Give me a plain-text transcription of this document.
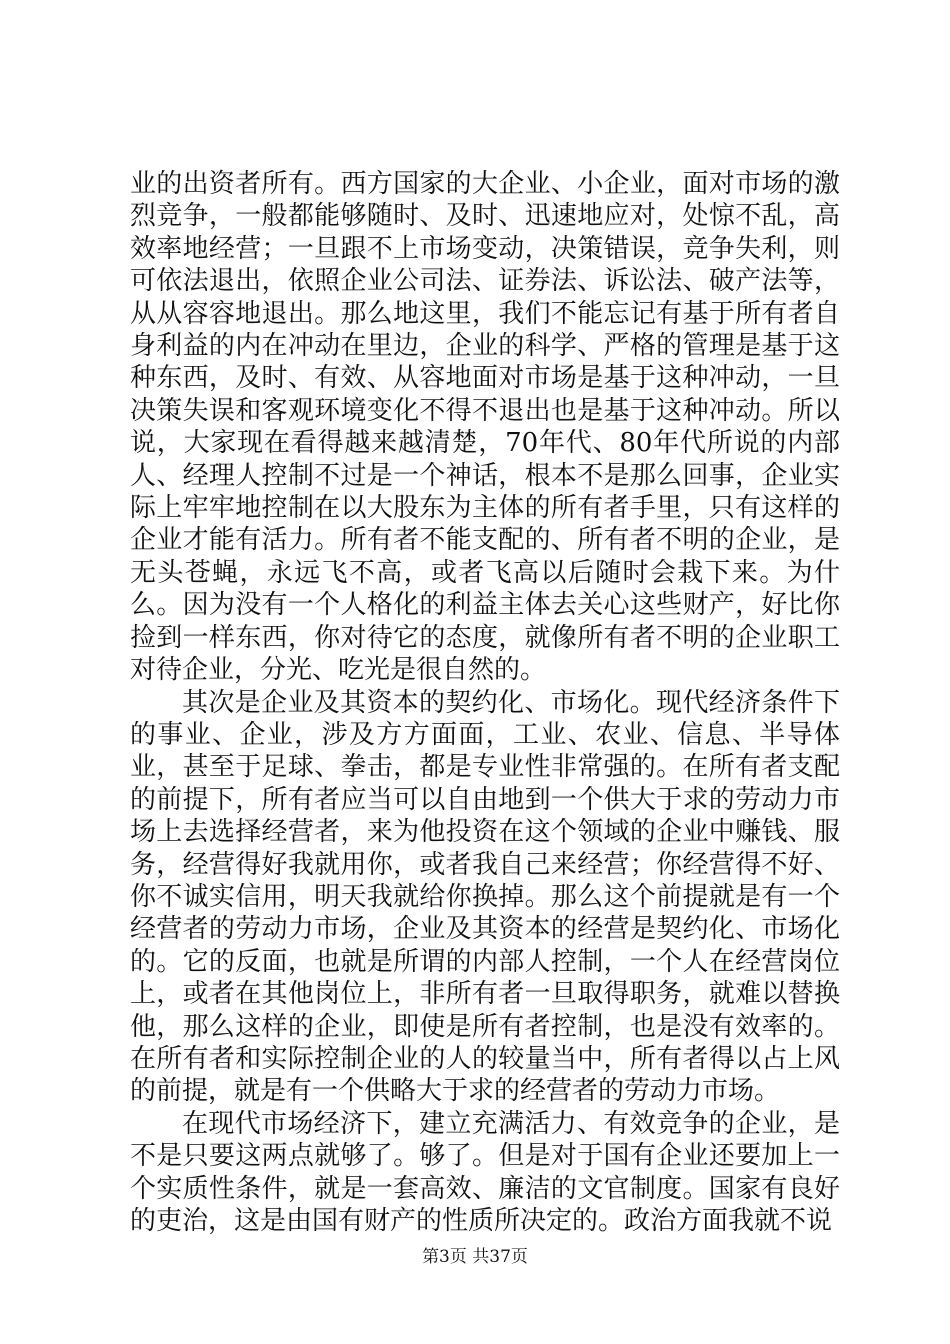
业的出资者所有。西方国家的大企业、小企业，面对市场的激烈竞争，一般都能够随时、及时、迅速地应对，处惊不乱，高效率地经营；一旦跟不上市场变动，决策错误，竞争失利，则可依法退出，依照企业公司法、证券法、诉讼法、破产法等，从从容容地退出。那么地这里，我们不能忘记有基于所有者自身利益的内在冲动在里边，企业的科学、严格的管理是基于这种东西，及时、有效、从容地面对市场是基于这种冲动，一旦决策失误和客观环境变化不得不退出也是基于这种冲动。所以说，大家现在看得越来越清楚，70年代、80年代所说的内部人、经理人控制不过是一个神话，根本不是那么回事，企业实际上牢牢地控制在以大股东为主体的所有者手里，只有这样的企业才能有活力。所有者不能支配的、所有者不明的企业，是无头苍蝇，永远飞不高，或者飞高以后随时会栽下来。为什么。因为没有一个人格化的利益主体去关心这些财产，好比你捡到一样东西，你对待它的态度，就像所有者不明的企业职工对待企业，分光、吃光是很自然的。

其次是企业及其资本的契约化、市场化。现代经济条件下的事业、企业，涉及方方面面，工业、农业、信息、半导体业，甚至于足球、拳击，都是专业性非常强的。在所有者支配的前提下，所有者应当可以自由地到一个供大于求的劳动力市场上去选择经营者，来为他投资在这个领域的企业中赚钱、服务，经营得好我就用你，或者我自己来经营；你经营得不好、你不诚实信用，明天我就给你换掉。那么这个前提就是有一个经营者的劳动力市场，企业及其资本的经营是契约化、市场化的。它的反面，也就是所谓的内部人控制，一个人在经营岗位上，或者在其他岗位上，非所有者一旦取得职务，就难以替换他，那么这样的企业，即使是所有者控制，也是没有效率的。在所有者和实际控制企业的人的较量当中，所有者得以占上风的前提，就是有一个供略大于求的经营者的劳动力市场。

在现代市场经济下，建立充满活力、有效竞争的企业，是不是只要这两点就够了。够了。但是对于国有企业还要加上一个实质性条件，就是一套高效、廉洁的文官制度。国家有良好的吏治，这是由国有财产的性质所决定的。政治方面我就不说

第3页 共37页
